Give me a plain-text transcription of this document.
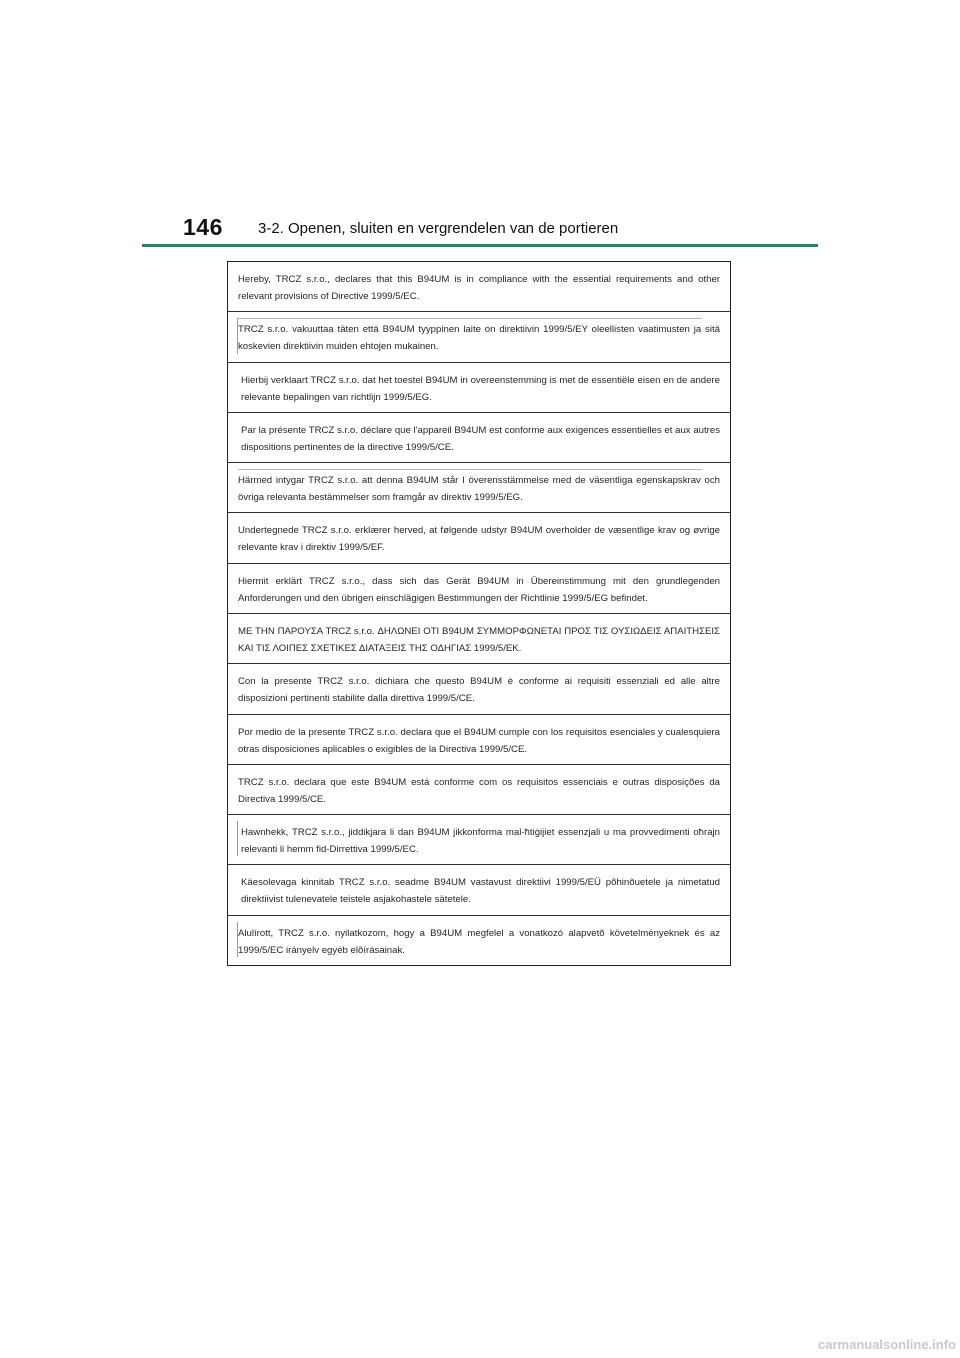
146 3-2. Openen, sluiten en vergrendelen van de portieren
Hereby, TRCZ s.r.o., declares that this B94UM is in compliance with the essential requirements and other relevant provisions of Directive 1999/5/EC.
TRCZ s.r.o. vakuuttaa täten että B94UM tyyppinen laite on direktiivin 1999/5/EY oleellisten vaatimusten ja sitä koskevien direktiivin muiden ehtojen mukainen.
Hierbij verklaart TRCZ s.r.o. dat het toestel B94UM in overeenstemming is met de essentiële eisen en de andere relevante bepalingen van richtlijn 1999/5/EG.
Par la présente TRCZ s.r.o. déclare que l'appareil B94UM est conforme aux exigences essentielles et aux autres dispositions pertinentes de la directive 1999/5/CE.
Härmed intygar TRCZ s.r.o. att denna B94UM står I överensstämmelse med de väsentliga egenskapskrav och övriga relevanta bestämmelser som framgår av direktiv 1999/5/EG.
Undertegnede TRCZ s.r.o. erklærer herved, at følgende udstyr B94UM overholder de væsentlige krav og øvrige relevante krav i direktiv 1999/5/EF.
Hiermit erklärt TRCZ s.r.o., dass sich das Gerät B94UM in Übereinstimmung mit den grundlegenden Anforderungen und den übrigen einschlägigen Bestimmungen der Richtlinie 1999/5/EG befindet.
ΜΕ ΤΗΝ ΠΑΡΟΥΣΑ TRCZ s.r.o. ΔΗΛΩΝΕΙ ΟΤΙ B94UM ΣΥΜΜΟΡΦΩΝΕΤΑΙ ΠΡΟΣ ΤΙΣ ΟΥΣΙΩΔΕΙΣ ΑΠΑΙΤΗΣΕΙΣ ΚΑΙ ΤΙΣ ΛΟΙΠΕΣ ΣΧΕΤΙΚΕΣ ΔΙΑΤΑΞΕΙΣ ΤΗΣ ΟΔΗΓΙΑΣ 1999/5/ΕΚ.
Con la presente TRCZ s.r.o. dichiara che questo B94UM è conforme ai requisiti essenziali ed alle altre disposizioni pertinenti stabilite dalla direttiva 1999/5/CE.
Por medio de la presente TRCZ s.r.o. declara que el B94UM cumple con los requisitos esenciales y cualesquiera otras disposiciones aplicables o exigibles de la Directiva 1999/5/CE.
TRCZ s.r.o. declara que este B94UM está conforme com os requisitos essenciais e outras disposições da Directiva 1999/5/CE.
Hawnhekk, TRCZ s.r.o., jiddikjara li dan B94UM jikkonforma mal-ħtiġijiet essenzjali u ma provvedimenti oħrajn relevanti li hemm fid-Dirrettiva 1999/5/EC.
Käesolevaga kinnitab TRCZ s.r.o. seadme B94UM vastavust direktiivi 1999/5/EÜ põhinõuetele ja nimetatud direktiivist tulenevatele teistele asjakohastele sätetele.
Alulírott, TRCZ s.r.o. nyilatkozom, hogy a B94UM megfelel a vonatkozó alapvetõ követelményeknek és az 1999/5/EC irányelv egyéb elõírásainak.
carmanualsonline.info
